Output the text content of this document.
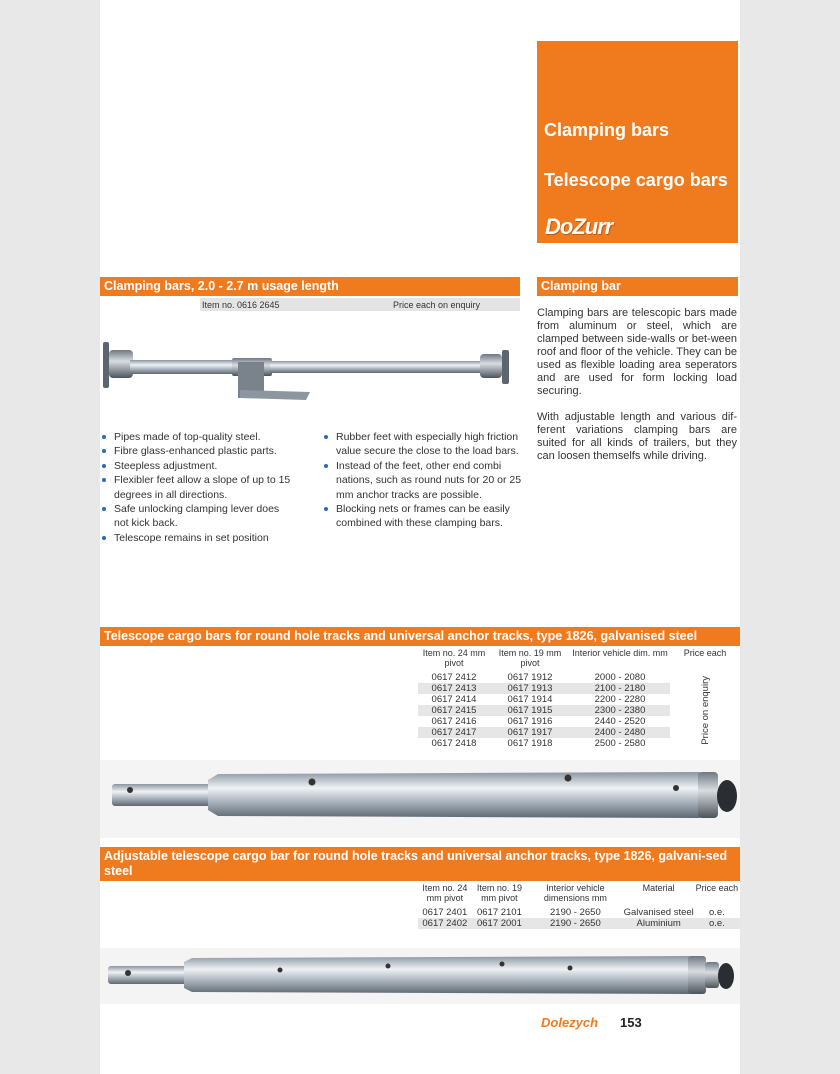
Clamping bars
Telescope cargo bars
DoZurr
Clamping bars, 2.0 - 2.7 m usage length
Item no. 0616 2645	Price each on enquiry
Pipes made of top-quality steel.
Fibre glass-enhanced plastic parts.
Steepless adjustment.
Flexibler feet allow a slope of up to 15 degrees in all directions.
Safe unlocking clamping lever does not kick back.
Telescope remains in set position
Rubber feet with especially high friction value secure the close to the load bars.
Instead of the feet, other end combi nations, such as round nuts for 20 or 25 mm anchor tracks are possible.
Blocking nets or frames can be easily combined with these clamping bars.
Clamping bar

Clamping bars are telescopic bars made from aluminum or steel, which are clamped between side-walls or bet-ween roof and floor of the vehicle. They can be used as flexible loading area seperators and are used for form locking load securing.

With adjustable length and various dif-ferent variations clamping bars are suited for all kinds of trailers, but they can loosen themselfs while driving.

Telescope cargo bars for round hole tracks and universal anchor tracks, type 1826, galvanised steel
Item no. 24 mm pivot	Item no. 19 mm pivot	Interior vehicle dim. mm	Price each
0617 2412	0617 1912	2000 - 2080	Price on enquiry

0617 2413	0617 1913	2100 - 2180	
0617 2414	0617 1914	2200 - 2280	
0617 2415	0617 1915	2300 - 2380	
0617 2416	0617 1916	2440 - 2520	
0617 2417	0617 1917	2400 - 2480	
0617 2418	0617 1918	2500 - 2580	
Adjustable telescope cargo bar for round hole tracks and universal anchor tracks, type 1826, galvani-sed steel
Item no. 24 mm pivot	Item no. 19 mm pivot	Interior vehicle dimensions mm	Material	Price each
0617 2401	0617 2101	2190 - 2650	Galvanised steel	o.e.
0617 2402	0617 2001	2190 - 2650	Aluminium	o.e.
Dolezych 153
